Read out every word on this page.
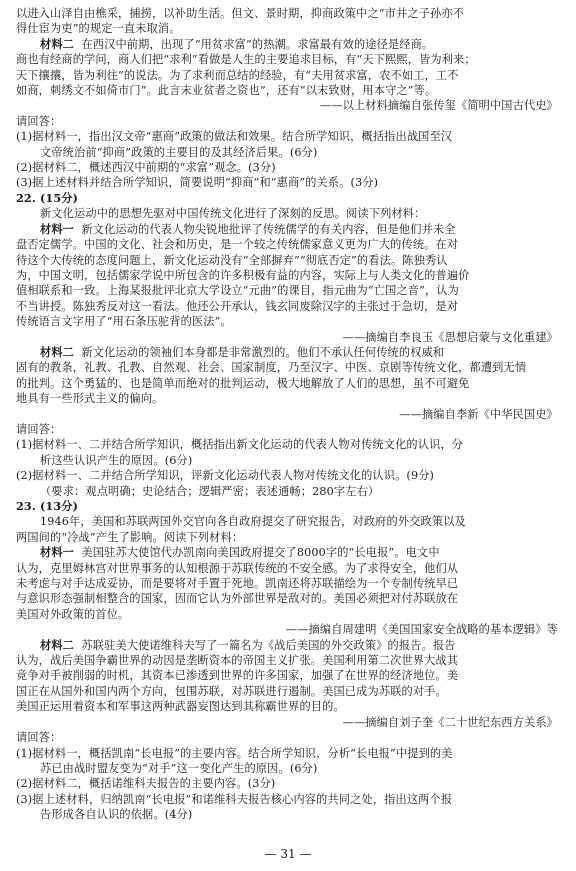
以进入山泽自由樵采，捕捞，以补助生活。但文、景时期，抑商政策中之“市井之子孙亦不
得仕宦为吏”的规定一直未取消。
材料二 在西汉中前期，出现了“用贫求富”的热潮。求富最有效的途径是经商。
商也有经商的学问，商人们把“求利”看做是人生的主要追求目标，有“天下熙熙，皆为利来；
天下攘攘，皆为利往”的说法。为了求利而总结的经验，有“夫用贫求富，农不如工，工不
如商，刺绣文不如倚市门”。此言末业贫者之资也”，还有“以末致财，用本守之”等。
——以上材料摘编自张传玺《简明中国古代史》
请回答：
(1)据材料一，指出汉文帝“惠商”政策的做法和效果。结合所学知识，概括指出战国至汉
文帝统治前“抑商”政策的主要目的及其经济后果。(6分)
(2)据材料二，概述西汉中前期的“求富”观念。(3分)
(3)据上述材料并结合所学知识，简要说明“抑商”和“惠商”的关系。(3分)
22. (15分)
新文化运动中的思想先驱对中国传统文化进行了深刻的反思。阅读下列材料：
材料一 新文化运动的代表人物尖锐地批评了传统儒学的有关内容，但是他们并未全
盘否定儒学。中国的文化、社会和历史，是一个较之传统儒家意义更为广大的传统。在对
待这个大传统的态度问题上，新文化运动没有“全部摒弃”“彻底否定”的看法。陈独秀认
为，中国文明，包括儒家学说中所包含的许多积极有益的内容，实际上与人类文化的普遍价
值相联系和一致。上海某报批评北京大学设立“元曲”的课目，指元曲为“亡国之音”，认为
不当讲授。陈独秀反对这一看法。他还公开承认，钱玄同废除汉字的主张过于急切，是对
传统语言文字用了“用石条压驼背的医法”。
——摘编自李良玉《思想启蒙与文化重建》
材料二 新文化运动的领袖们本身都是非常激烈的。他们不承认任何传统的权威和
固有的教条，礼教、孔教、自然观、社会、国家制度，乃至汉字、中医、京剧等传统文化，都遭到无情
的批判。这个勇猛的、也是简单而绝对的批判运动，极大地解放了人们的思想，虽不可避免
地具有一些形式主义的偏向。
——摘编自李新《中华民国史》
请回答：
(1)据材料一、二并结合所学知识，概括指出新文化运动的代表人物对传统文化的认识，分
析这些认识产生的原因。(6分)
(2)据材料一、二并结合所学知识，评新文化运动代表人物对传统文化的认识。(9分)
（要求：观点明确；史论结合；逻辑严密；表述通畅；280字左右）
23. (13分)
1946年，美国和苏联两国外交官向各自政府提交了研究报告，对政府的外交政策以及
两国间的“冷战”产生了影响。阅读下列材料：
材料一 美国驻苏大使馆代办凯南向美国政府提交了8000字的“长电报”。电文中
认为，克里姆林宫对世界事务的认知根源于苏联传统的不安全感。为了求得安全，他们从
未考虑与对手达成妥协，而是要将对手置于死地。凯南还将苏联描绘为一个专制传统早已
与意识形态强制相整合的国家，因而它认为外部世界是敌对的。美国必须把对付苏联放在
美国对外政策的首位。
——摘编自周建明《美国国家安全战略的基本逻辑》等
材料二 苏联驻美大使诺维科夫写了一篇名为《战后美国的外交政策》的报告。报告
认为，战后美国争霸世界的动因是垄断资本的帝国主义扩张。美国利用第二次世界大战其
竞争对手被削弱的时机，其资本已渗透到世界的许多国家，加强了在世界的经济地位。美
国正在从国外和国内两个方向，包围苏联，对苏联进行遏制。美国已成为苏联的对手。
美国正运用着资本和军事这两种武器妄图达到其称霸世界的目的。
——摘编自刘子奎《二十世纪东西方关系》
请回答：
(1)据材料一，概括凯南“长电报”的主要内容。结合所学知识，分析“长电报”中提到的美
苏已由战时盟友变为“对手”这一变化产生的原因。(6分)
(2)据材料二，概括诺维科夫报告的主要内容。(3分)
(3)据上述材料，归纳凯南“长电报”和诺维科夫报告核心内容的共同之处，指出这两个报
告形成各自认识的依据。(4分)
— 31 —
